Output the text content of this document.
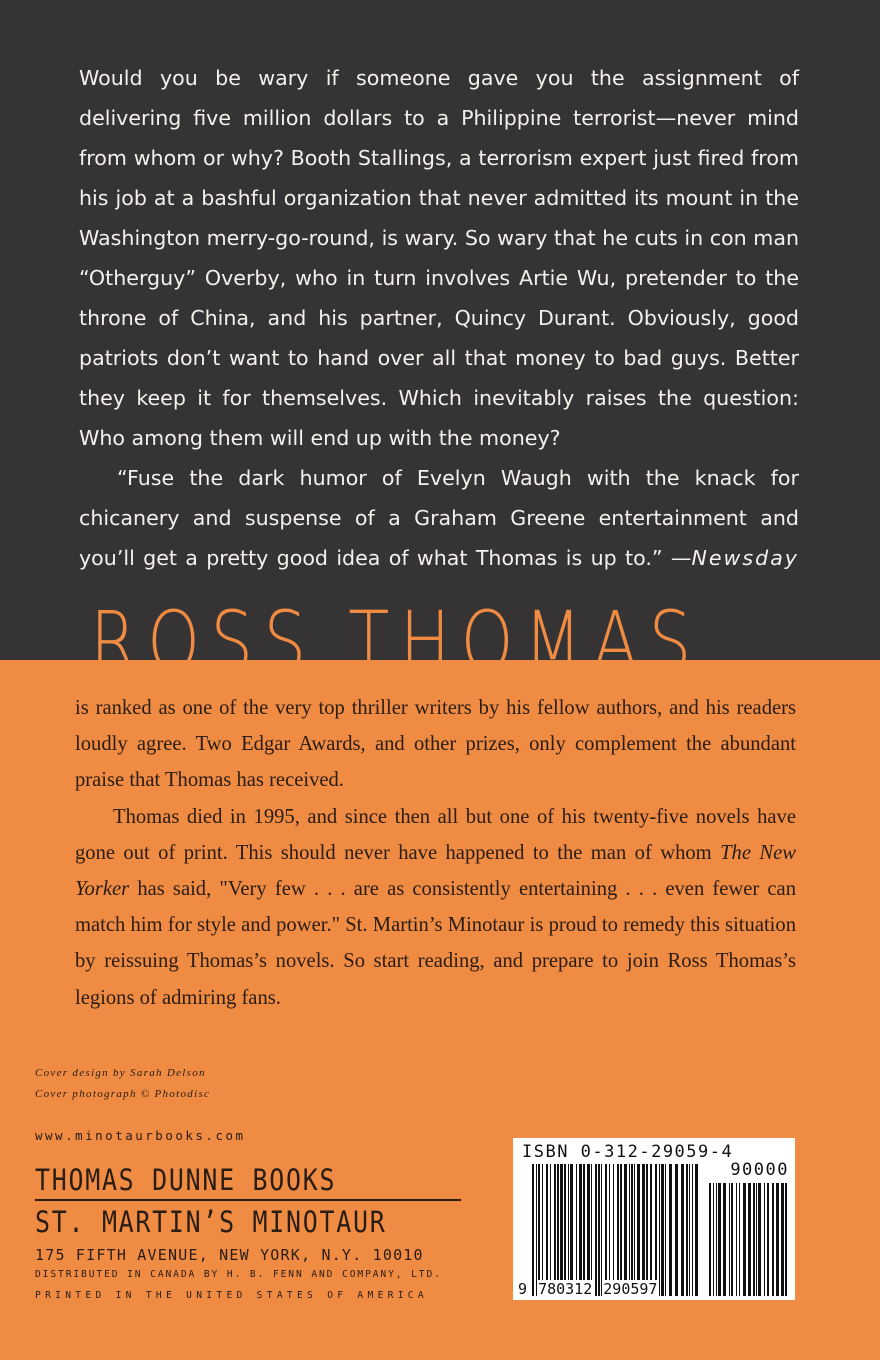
Would you be wary if someone gave you the assignment of delivering five million dollars to a Philippine terrorist—never mind from whom or why? Booth Stallings, a terrorism expert just fired from his job at a bashful organization that never admitted its mount in the Washington merry-go-round, is wary. So wary that he cuts in con man “Otherguy” Overby, who in turn involves Artie Wu, pretender to the throne of China, and his partner, Quincy Durant. Obviously, good patriots don’t want to hand over all that money to bad guys. Better they keep it for themselves. Which inevitably raises the question: Who among them will end up with the money?

“Fuse the dark humor of Evelyn Waugh with the knack for chicanery and suspense of a Graham Greene entertainment and you’ll get a pretty good idea of what Thomas is up to.” —Newsday

ROSS THOMAS

is ranked as one of the very top thriller writers by his fellow authors, and his readers loudly agree. Two Edgar Awards, and other prizes, only complement the abundant praise that Thomas has received.

Thomas died in 1995, and since then all but one of his twenty-five novels have gone out of print. This should never have happened to the man of whom The New Yorker has said, "Very few . . . are as consistently entertaining . . . even fewer can match him for style and power." St. Martin’s Minotaur is proud to remedy this situation by reissuing Thomas’s novels. So start reading, and prepare to join Ross Thomas’s legions of admiring fans.

Cover design by Sarah Delson
Cover photograph © Photodisc
www.minotaurbooks.com
THOMAS DUNNE BOOKS
ST. MARTIN’S MINOTAUR
175 FIFTH AVENUE, NEW YORK, N.Y. 10010
DISTRIBUTED IN CANADA BY H. B. FENN AND COMPANY, LTD.
PRINTED IN THE UNITED STATES OF AMERICA
ISBN 0-312-29059-4
90000
9 780312 290597
